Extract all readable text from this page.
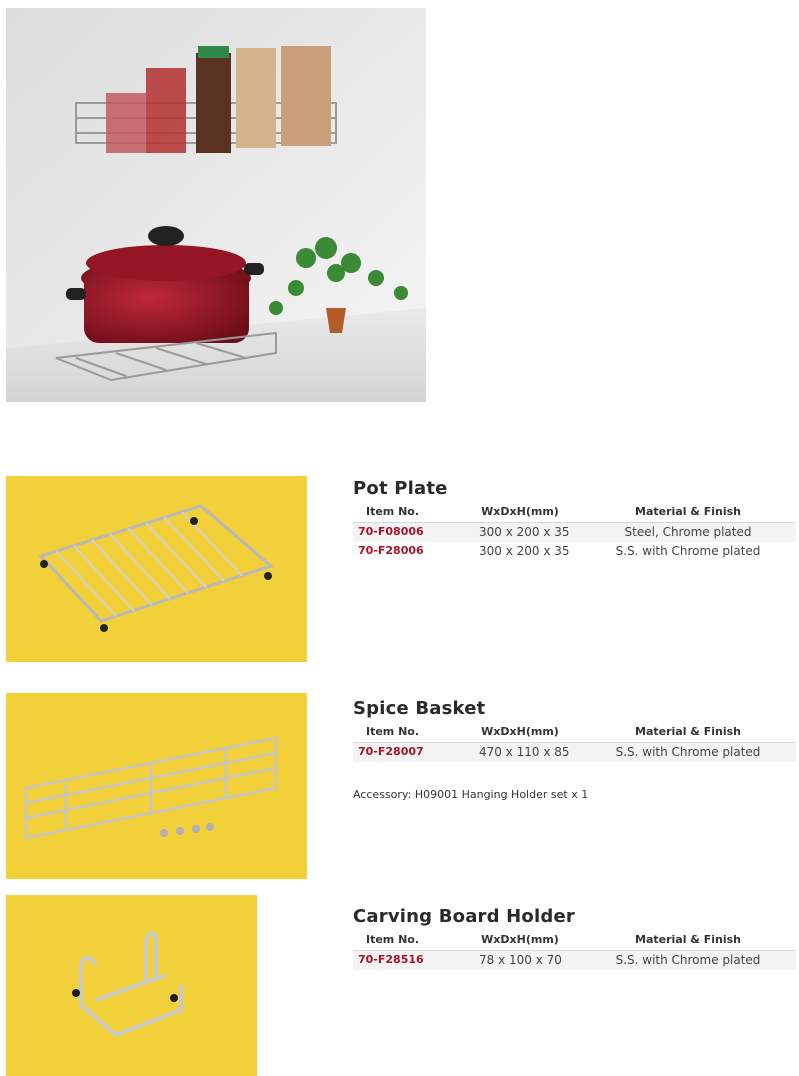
Pot Plate
Item No.	WxDxH(mm)	Material & Finish
70-F08006	300 x 200 x 35	Steel, Chrome plated
70-F28006	300 x 200 x 35	S.S. with Chrome plated
Spice Basket
Item No.	WxDxH(mm)	Material & Finish
70-F28007	470 x 110 x 85	S.S. with Chrome plated
Accessory: H09001 Hanging Holder set x 1
Carving Board Holder
Item No.	WxDxH(mm)	Material & Finish
70-F28516	78 x 100 x 70	S.S. with Chrome plated
